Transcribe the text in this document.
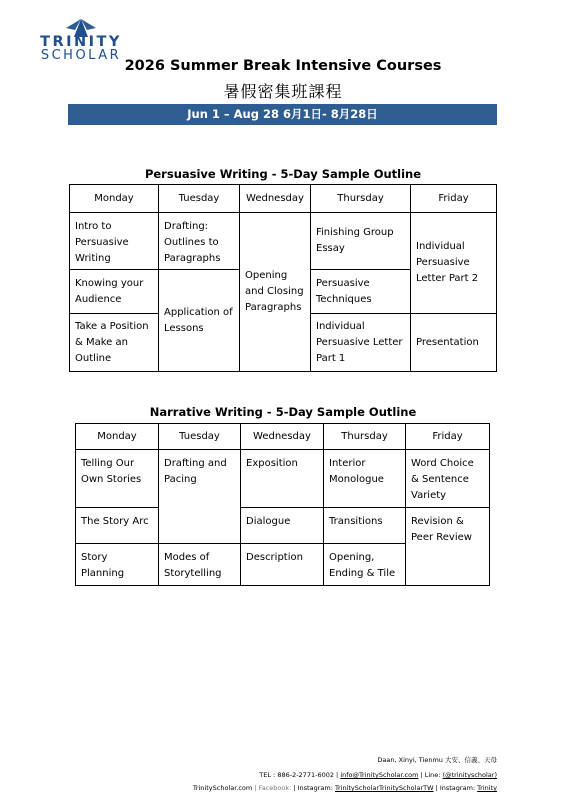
TRINITY
SCHOLAR
2026 Summer Break Intensive Courses
暑假密集班課程
Jun 1 – Aug 28 6月1日- 8月28日
Persuasive Writing - 5-Day Sample Outline
Monday	Tuesday	Wednesday	Thursday	Friday
Intro to Persuasive Writing	Drafting: Outlines to Paragraphs	Opening and Closing Paragraphs	Finishing Group Essay	Individual Persuasive Letter Part 2

Knowing your Audience	Application of Lessons		Persuasive Techniques	

Take a Position & Make an Outline			Individual Persuasive Letter Part 1	Presentation

Narrative Writing - 5-Day Sample Outline
Monday	Tuesday	Wednesday	Thursday	Friday
Telling Our Own Stories	Drafting and Pacing	Exposition	Interior Monologue	Word Choice & Sentence Variety
The Story Arc		Dialogue	Transitions	Revision & Peer Review
Story Planning	Modes of Storytelling	Description	Opening, Ending & Tile	
Daan, Xinyi, Tienmu 大安、信義、天母
TEL : 886-2-2771-6002 | info@TrinityScholar.com | Line: (@trinityscholar)
TrinityScholar.com | Facebook: | Instagram: TrinityScholarTrinityScholarTW | Instagram: Trinity
